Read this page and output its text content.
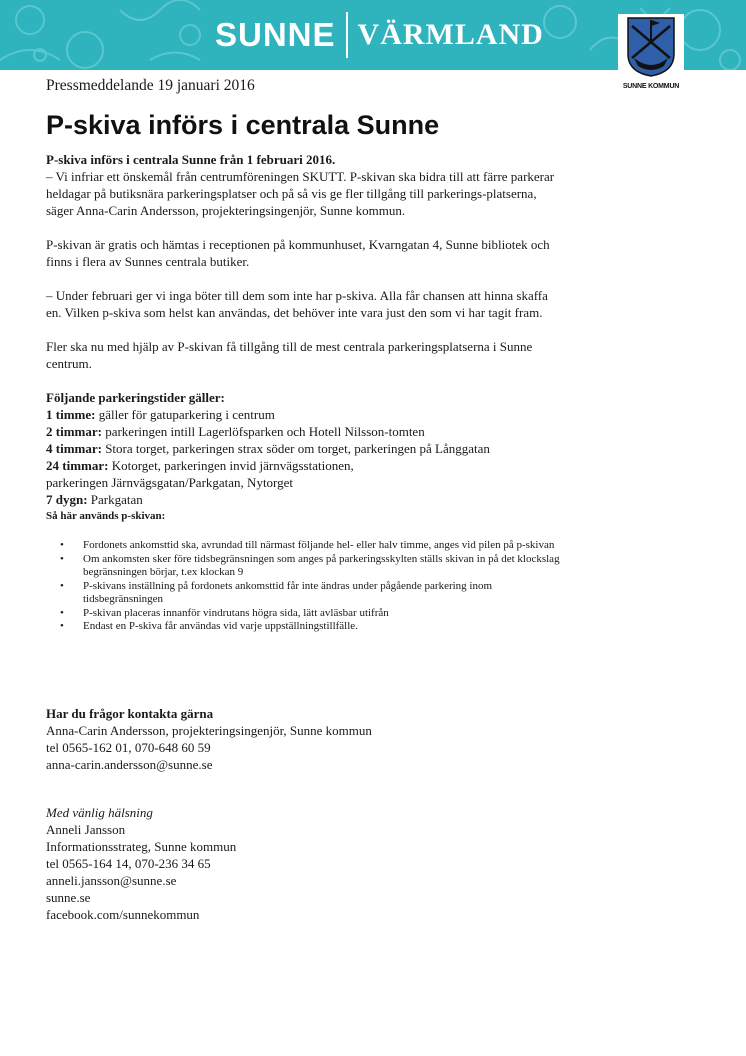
SUNNE VÄRMLAND
SUNNE KOMMUN
Pressmeddelande 19 januari 2016
P-skiva införs i centrala Sunne

P-skiva införs i centrala Sunne från 1 februari 2016.

– Vi infriar ett önskemål från centrumföreningen SKUTT. P-skivan ska bidra till att färre parkerar heldagar på butiksnära parkeringsplatser och på så vis ge fler tillgång till parkerings-platserna, säger Anna-Carin Andersson, projekteringsingenjör, Sunne kommun.

P-skivan är gratis och hämtas i receptionen på kommunhuset, Kvarngatan 4, Sunne bibliotek och finns i flera av Sunnes centrala butiker.

– Under februari ger vi inga böter till dem som inte har p-skiva. Alla får chansen att hinna skaffa en. Vilken p-skiva som helst kan användas, det behöver inte vara just den som vi har tagit fram.

Fler ska nu med hjälp av P-skivan få tillgång till de mest centrala parkeringsplatserna i Sunne centrum.

Följande parkeringstider gäller:

1 timme: gäller för gatuparkering i centrum

2 timmar: parkeringen intill Lagerlöfsparken och Hotell Nilsson-tomten

4 timmar: Stora torget, parkeringen strax söder om torget, parkeringen på Långgatan

24 timmar: Kotorget, parkeringen invid järnvägsstationen,

parkeringen Järnvägsgatan/Parkgatan, Nytorget

7 dygn: Parkgatan

Så här används p-skivan:

• Fordonets ankomsttid ska, avrundad till närmast följande hel- eller halv timme, anges vid pilen på p-skivan
• Om ankomsten sker före tidsbegränsningen som anges på parkeringsskylten ställs skivan in på det klockslag begränsningen börjar, t.ex klockan 9
• P-skivans inställning på fordonets ankomsttid får inte ändras under pågående parkering inom tidsbegränsningen
• P-skivan placeras innanför vindrutans högra sida, lätt avläsbar utifrån
• Endast en P-skiva får användas vid varje uppställningstillfälle.

Har du frågor kontakta gärna

Anna-Carin Andersson, projekteringsingenjör, Sunne kommun

tel 0565-162 01, 070-648 60 59

anna-carin.andersson@sunne.se

Med vänlig hälsning

Anneli Jansson

Informationsstrateg, Sunne kommun

tel 0565-164 14, 070-236 34 65

anneli.jansson@sunne.se

sunne.se

facebook.com/sunnekommun
